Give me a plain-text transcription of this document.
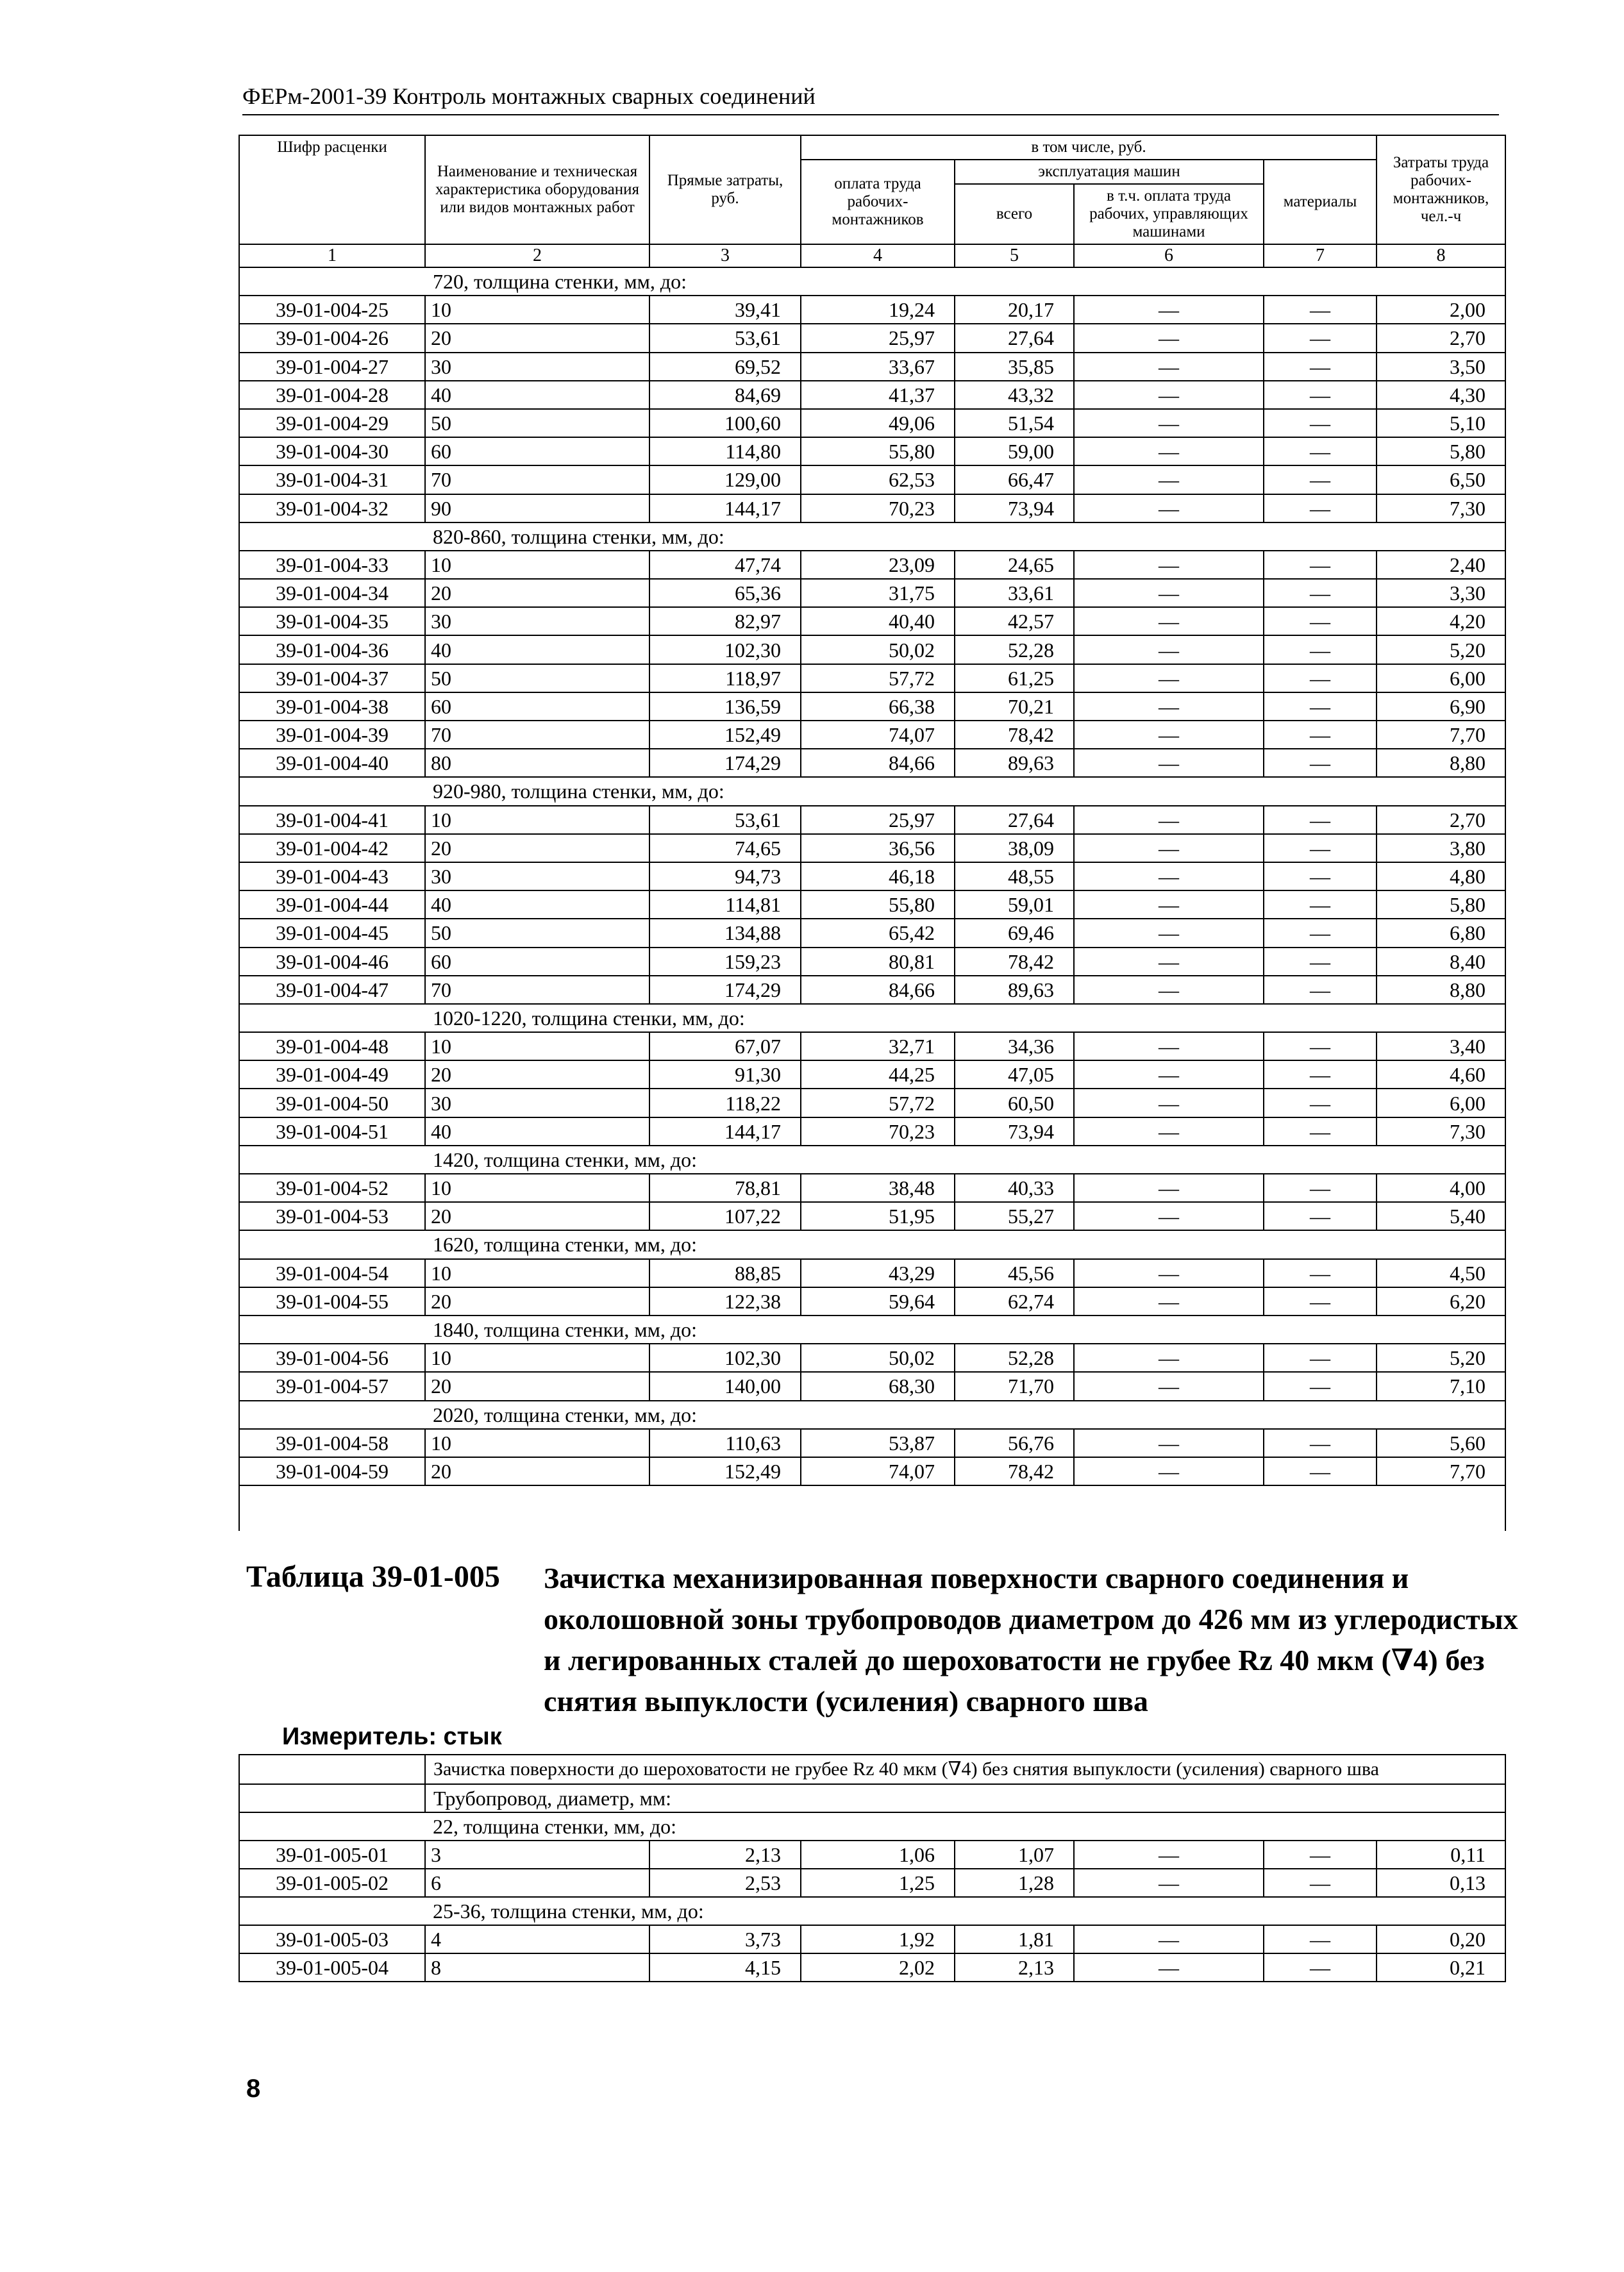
ФЕРм-2001-39 Контроль монтажных сварных соединений
Шифр расценки	Наименование и техническая характеристика оборудования или видов монтажных работ	Прямые затраты, руб.	в том числе, руб.				Затраты труда рабочих-монтажников, чел.-ч
			оплата труда рабочих-монтажников	эксплуатация машин		материалы	
				всего	в т.ч. оплата труда рабочих, управляющих машинами		
1	2	3	4	5	6	7	8
	720, толщина стенки, мм, до:						
39-01-004-25	10	39,41	19,24	20,17	—	—	2,00
39-01-004-26	20	53,61	25,97	27,64	—	—	2,70
39-01-004-27	30	69,52	33,67	35,85	—	—	3,50
39-01-004-28	40	84,69	41,37	43,32	—	—	4,30
39-01-004-29	50	100,60	49,06	51,54	—	—	5,10
39-01-004-30	60	114,80	55,80	59,00	—	—	5,80
39-01-004-31	70	129,00	62,53	66,47	—	—	6,50
39-01-004-32	90	144,17	70,23	73,94	—	—	7,30
	820-860, толщина стенки, мм, до:						
39-01-004-33	10	47,74	23,09	24,65	—	—	2,40
39-01-004-34	20	65,36	31,75	33,61	—	—	3,30
39-01-004-35	30	82,97	40,40	42,57	—	—	4,20
39-01-004-36	40	102,30	50,02	52,28	—	—	5,20
39-01-004-37	50	118,97	57,72	61,25	—	—	6,00
39-01-004-38	60	136,59	66,38	70,21	—	—	6,90
39-01-004-39	70	152,49	74,07	78,42	—	—	7,70
39-01-004-40	80	174,29	84,66	89,63	—	—	8,80
	920-980, толщина стенки, мм, до:						
39-01-004-41	10	53,61	25,97	27,64	—	—	2,70
39-01-004-42	20	74,65	36,56	38,09	—	—	3,80
39-01-004-43	30	94,73	46,18	48,55	—	—	4,80
39-01-004-44	40	114,81	55,80	59,01	—	—	5,80
39-01-004-45	50	134,88	65,42	69,46	—	—	6,80
39-01-004-46	60	159,23	80,81	78,42	—	—	8,40
39-01-004-47	70	174,29	84,66	89,63	—	—	8,80
	1020-1220, толщина стенки, мм, до:						
39-01-004-48	10	67,07	32,71	34,36	—	—	3,40
39-01-004-49	20	91,30	44,25	47,05	—	—	4,60
39-01-004-50	30	118,22	57,72	60,50	—	—	6,00
39-01-004-51	40	144,17	70,23	73,94	—	—	7,30
	1420, толщина стенки, мм, до:						
39-01-004-52	10	78,81	38,48	40,33	—	—	4,00
39-01-004-53	20	107,22	51,95	55,27	—	—	5,40
	1620, толщина стенки, мм, до:						
39-01-004-54	10	88,85	43,29	45,56	—	—	4,50
39-01-004-55	20	122,38	59,64	62,74	—	—	6,20
	1840, толщина стенки, мм, до:						
39-01-004-56	10	102,30	50,02	52,28	—	—	5,20
39-01-004-57	20	140,00	68,30	71,70	—	—	7,10
	2020, толщина стенки, мм, до:						
39-01-004-58	10	110,63	53,87	56,76	—	—	5,60
39-01-004-59	20	152,49	74,07	78,42	—	—	7,70

Таблица 39-01-005 Зачистка механизированная поверхности сварного соединения и околошовной зоны трубопроводов диаметром до 426 мм из углеродистых и легированных сталей до шероховатости не грубее Rz 40 мкм (∇4) без снятия выпуклости (усиления) сварного шва
Измеритель: стык
	Зачистка поверхности до шероховатости не грубее Rz 40 мкм (∇4) без снятия выпуклости (усиления) сварного шва						
	Трубопровод, диаметр, мм:						
	22, толщина стенки, мм, до:						
39-01-005-01	3	2,13	1,06	1,07	—	—	0,11
39-01-005-02	6	2,53	1,25	1,28	—	—	0,13
	25-36, толщина стенки, мм, до:						
39-01-005-03	4	3,73	1,92	1,81	—	—	0,20
39-01-005-04	8	4,15	2,02	2,13	—	—	0,21
8
